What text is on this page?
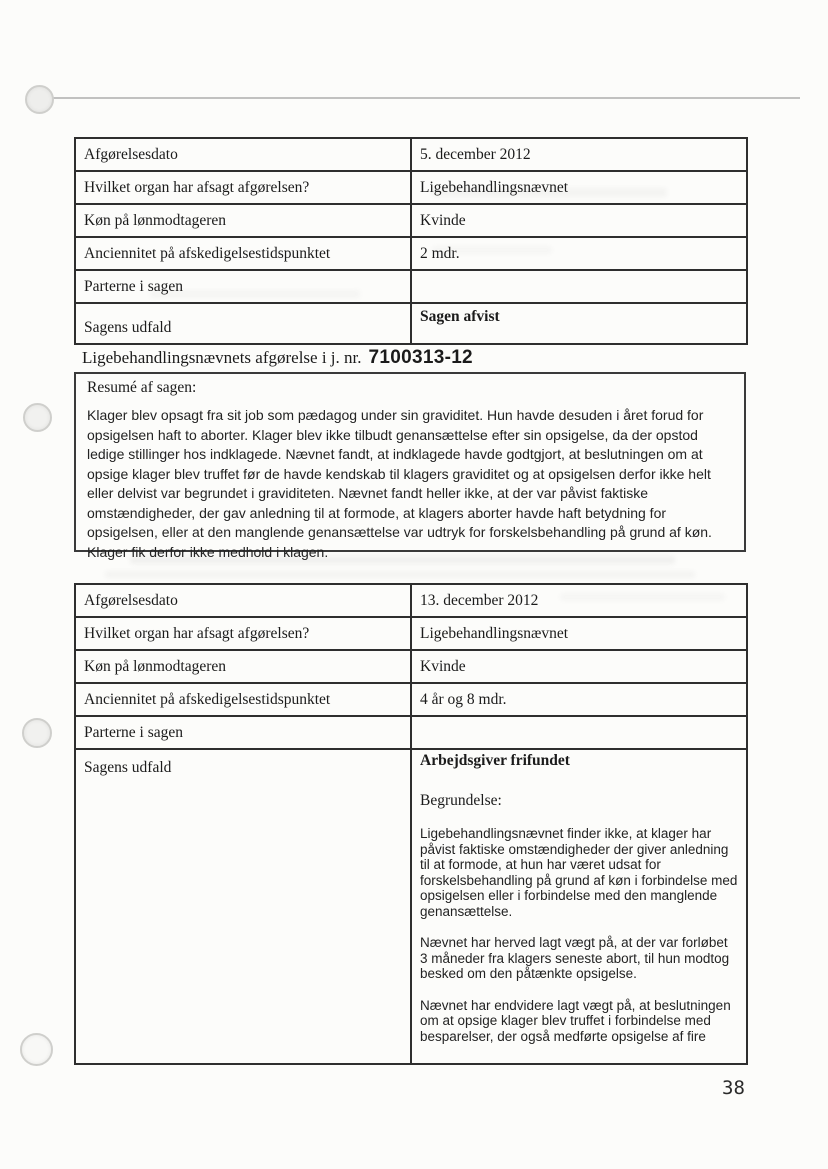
Afgørelsesdato	5. december 2012
Hvilket organ har afsagt afgørelsen?	Ligebehandlingsnævnet
Køn på lønmodtageren	Kvinde
Anciennitet på afskedigelsestidspunktet	2 mdr.
Parterne i sagen	
Sagens udfald	Sagen afvist
Ligebehandlingsnævnets afgørelse i j. nr. 7100313-12

Resumé af sagen:

Klager blev opsagt fra sit job som pædagog under sin graviditet. Hun havde desuden i året forud for opsigelsen haft to aborter. Klager blev ikke tilbudt genansættelse efter sin opsigelse, da der opstod ledige stillinger hos indklagede. Nævnet fandt, at indklagede havde godtgjort, at beslutningen om at opsige klager blev truffet før de havde kendskab til klagers graviditet og at opsigelsen derfor ikke helt eller delvist var begrundet i graviditeten. Nævnet fandt heller ikke, at der var påvist faktiske omstændigheder, der gav anledning til at formode, at klagers aborter havde haft betydning for opsigelsen, eller at den manglende genansættelse var udtryk for forskelsbehandling på grund af køn. Klager fik derfor ikke medhold i klagen.

Afgørelsesdato	13. december 2012
Hvilket organ har afsagt afgørelsen?	Ligebehandlingsnævnet
Køn på lønmodtageren	Kvinde
Anciennitet på afskedigelsestidspunktet	4 år og 8 mdr.
Parterne i sagen	
Sagens udfald	Arbejdsgiver frifundet

Begrundelse:

Ligebehandlingsnævnet finder ikke, at klager har påvist faktiske omstændigheder der giver anledning til at formode, at hun har været udsat for forskelsbehandling på grund af køn i forbindelse med opsigelsen eller i forbindelse med den manglende genansættelse.

Nævnet har herved lagt vægt på, at der var forløbet 3 måneder fra klagers seneste abort, til hun modtog besked om den påtænkte opsigelse.

Nævnet har endvidere lagt vægt på, at beslutningen om at opsige klager blev truffet i forbindelse med besparelser, der også medførte opsigelse af fire

38
